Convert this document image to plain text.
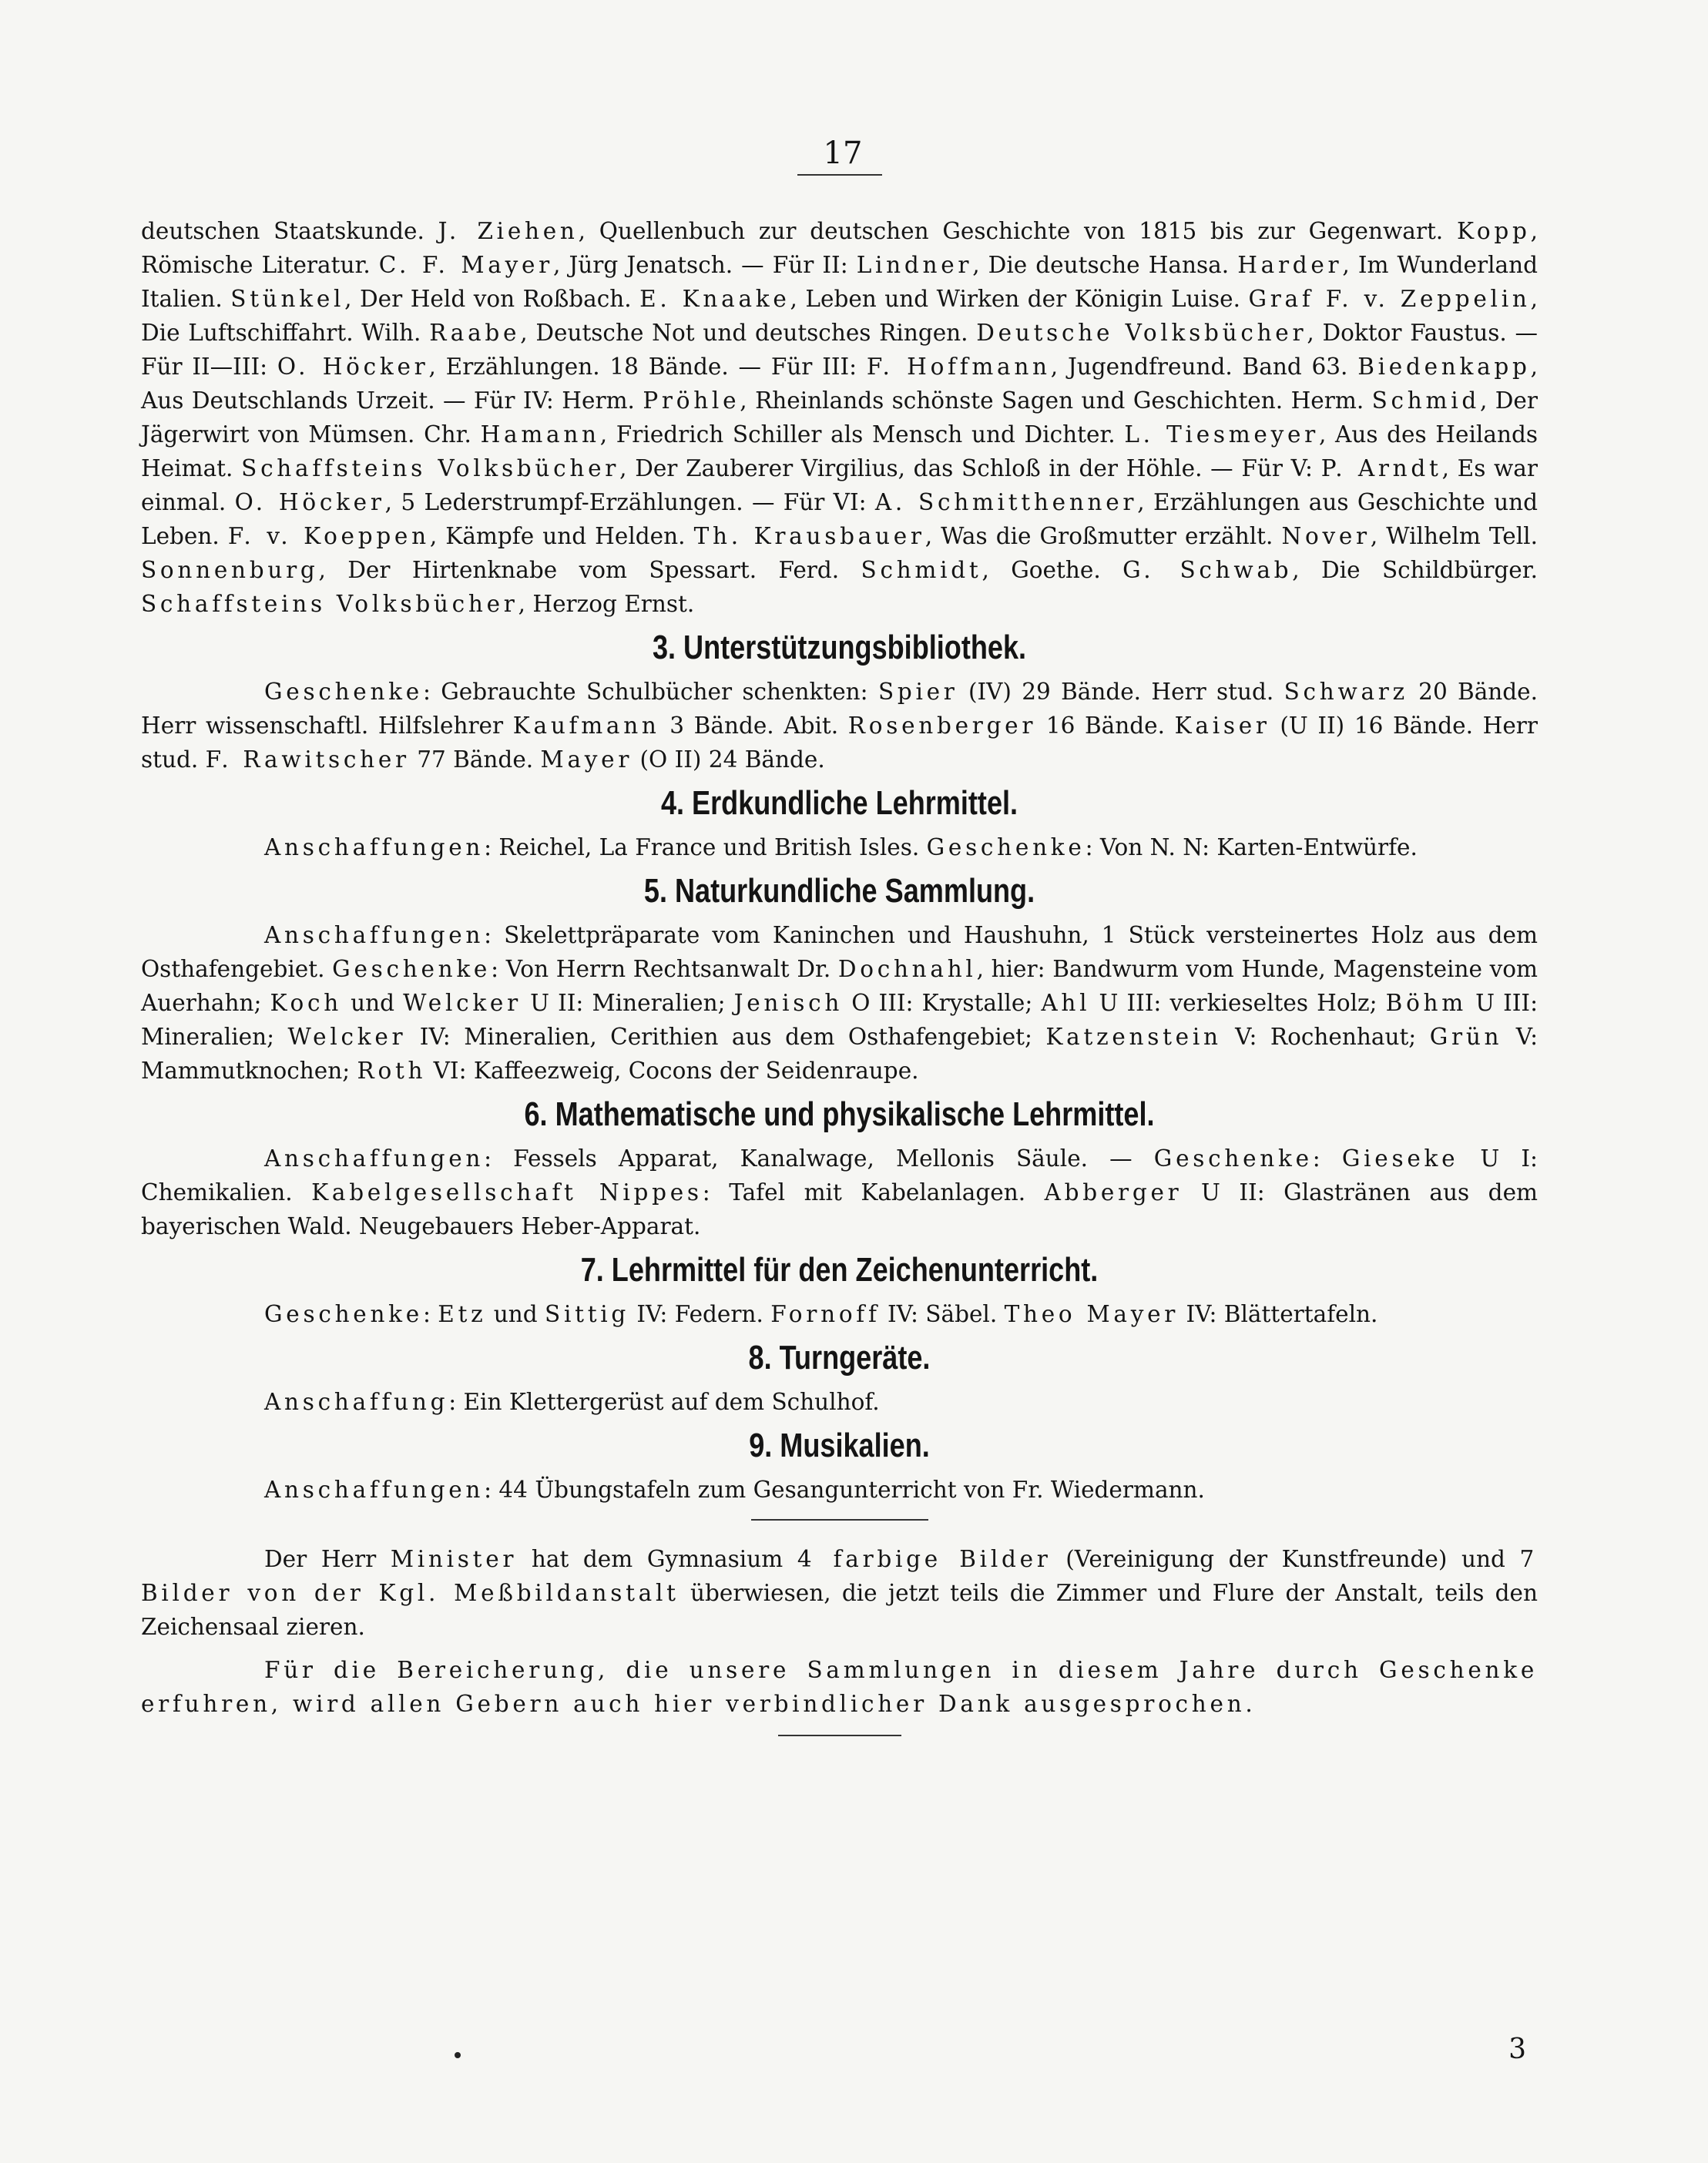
17

deutschen Staatskunde. J. Ziehen, Quellenbuch zur deutschen Geschichte von 1815 bis zur Gegenwart. Kopp, Römische Literatur. C. F. Mayer, Jürg Jenatsch. — Für II: Lindner, Die deutsche Hansa. Harder, Im Wunderland Italien. Stünkel, Der Held von Roßbach. E. Knaake, Leben und Wirken der Königin Luise. Graf F. v. Zeppelin, Die Luftschiffahrt. Wilh. Raabe, Deutsche Not und deutsches Ringen. Deutsche Volksbücher, Doktor Faustus. — Für II—III: O. Höcker, Erzählungen. 18 Bände. — Für III: F. Hoffmann, Jugendfreund. Band 63. Biedenkapp, Aus Deutschlands Urzeit. — Für IV: Herm. Pröhle, Rheinlands schönste Sagen und Geschichten. Herm. Schmid, Der Jägerwirt von Mümsen. Chr. Hamann, Friedrich Schiller als Mensch und Dichter. L. Tiesmeyer, Aus des Heilands Heimat. Schaffsteins Volksbücher, Der Zauberer Virgilius, das Schloß in der Höhle. — Für V: P. Arndt, Es war einmal. O. Höcker, 5 Lederstrumpf-Erzählungen. — Für VI: A. Schmitthenner, Erzählungen aus Geschichte und Leben. F. v. Koeppen, Kämpfe und Helden. Th. Krausbauer, Was die Großmutter erzählt. Nover, Wilhelm Tell. Sonnenburg, Der Hirtenknabe vom Spessart. Ferd. Schmidt, Goethe. G. Schwab, Die Schildbürger. Schaffsteins Volksbücher, Herzog Ernst.

3. Unterstützungsbibliothek.

Geschenke: Gebrauchte Schulbücher schenkten: Spier (IV) 29 Bände. Herr stud. Schwarz 20 Bände. Herr wissenschaftl. Hilfslehrer Kaufmann 3 Bände. Abit. Rosenberger 16 Bände. Kaiser (U II) 16 Bände. Herr stud. F. Rawitscher 77 Bände. Mayer (O II) 24 Bände.

4. Erdkundliche Lehrmittel.

Anschaffungen: Reichel, La France und British Isles. Geschenke: Von N. N: Karten-Entwürfe.

5. Naturkundliche Sammlung.

Anschaffungen: Skelettpräparate vom Kaninchen und Haushuhn, 1 Stück versteinertes Holz aus dem Osthafengebiet. Geschenke: Von Herrn Rechtsanwalt Dr. Dochnahl, hier: Bandwurm vom Hunde, Magensteine vom Auerhahn; Koch und Welcker U II: Mineralien; Jenisch O III: Krystalle; Ahl U III: verkieseltes Holz; Böhm U III: Mineralien; Welcker IV: Mineralien, Cerithien aus dem Osthafengebiet; Katzenstein V: Rochenhaut; Grün V: Mammutknochen; Roth VI: Kaffeezweig, Cocons der Seidenraupe.

6. Mathematische und physikalische Lehrmittel.

Anschaffungen: Fessels Apparat, Kanalwage, Mellonis Säule. — Geschenke: Gieseke U I: Chemikalien. Kabelgesellschaft Nippes: Tafel mit Kabelanlagen. Abberger U II: Glastränen aus dem bayerischen Wald. Neugebauers Heber-Apparat.

7. Lehrmittel für den Zeichenunterricht.

Geschenke: Etz und Sittig IV: Federn. Fornoff IV: Säbel. Theo Mayer IV: Blättertafeln.

8. Turngeräte.

Anschaffung: Ein Klettergerüst auf dem Schulhof.

9. Musikalien.

Anschaffungen: 44 Übungstafeln zum Gesangunterricht von Fr. Wiedermann.

Der Herr Minister hat dem Gymnasium 4 farbige Bilder (Vereinigung der Kunstfreunde) und 7 Bilder von der Kgl. Meßbildanstalt überwiesen, die jetzt teils die Zimmer und Flure der Anstalt, teils den Zeichensaal zieren.

Für die Bereicherung, die unsere Sammlungen in diesem Jahre durch Geschenke erfuhren, wird allen Gebern auch hier verbindlicher Dank ausgesprochen.

3
